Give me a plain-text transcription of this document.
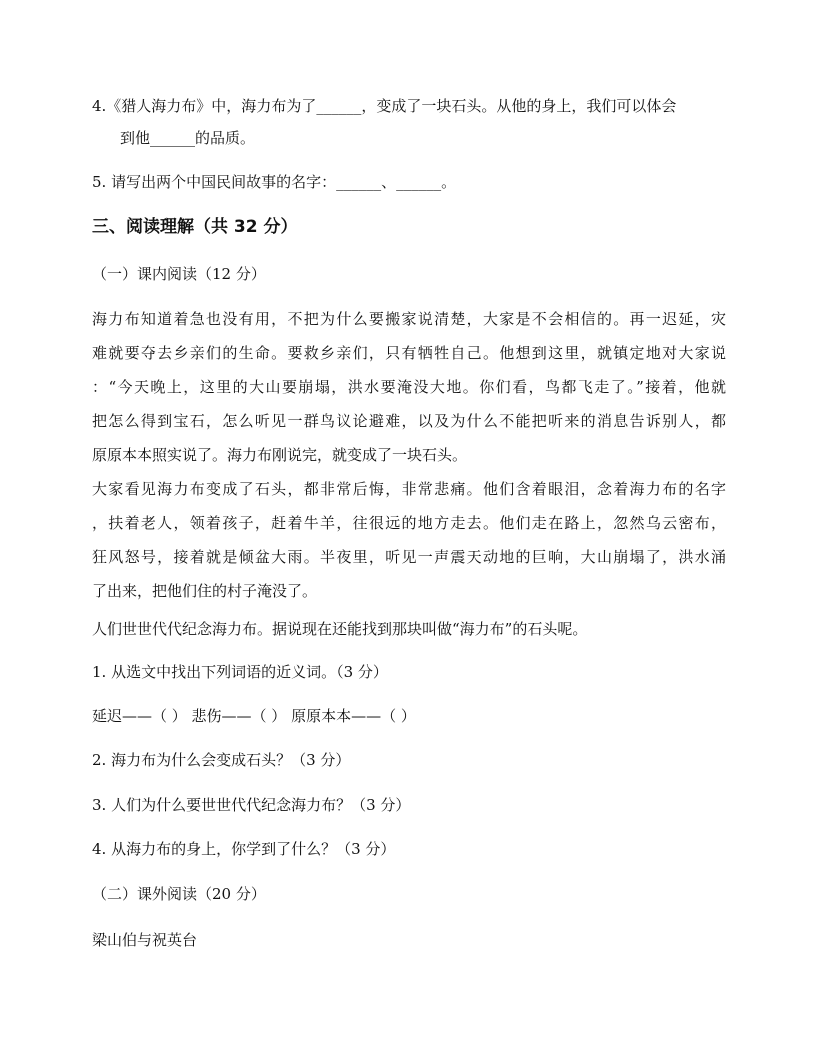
4.《猎人海力布》中，海力布为了______，变成了一块石头。从他的身上，我们可以体会
到他______的品质。
5. 请写出两个中国民间故事的名字：______、______。
三、阅读理解（共 32 分）
（一）课内阅读（12 分）
海力布知道着急也没有用，不把为什么要搬家说清楚，大家是不会相信的。再一迟延，灾
难就要夺去乡亲们的生命。要救乡亲们，只有牺牲自己。他想到这里，就镇定地对大家说
：“今天晚上，这里的大山要崩塌，洪水要淹没大地。你们看，鸟都飞走了。”接着，他就
把怎么得到宝石，怎么听见一群鸟议论避难，以及为什么不能把听来的消息告诉别人，都
原原本本照实说了。海力布刚说完，就变成了一块石头。
大家看见海力布变成了石头，都非常后悔，非常悲痛。他们含着眼泪，念着海力布的名字
，扶着老人，领着孩子，赶着牛羊，往很远的地方走去。他们走在路上，忽然乌云密布，
狂风怒号，接着就是倾盆大雨。半夜里，听见一声震天动地的巨响，大山崩塌了，洪水涌
了出来，把他们住的村子淹没了。
人们世世代代纪念海力布。据说现在还能找到那块叫做“海力布”的石头呢。
1. 从选文中找出下列词语的近义词。（3 分）
延迟——（ ） 悲伤——（ ） 原原本本——（ ）
2. 海力布为什么会变成石头？（3 分）
3. 人们为什么要世世代代纪念海力布？（3 分）
4. 从海力布的身上，你学到了什么？（3 分）
（二）课外阅读（20 分）
梁山伯与祝英台
